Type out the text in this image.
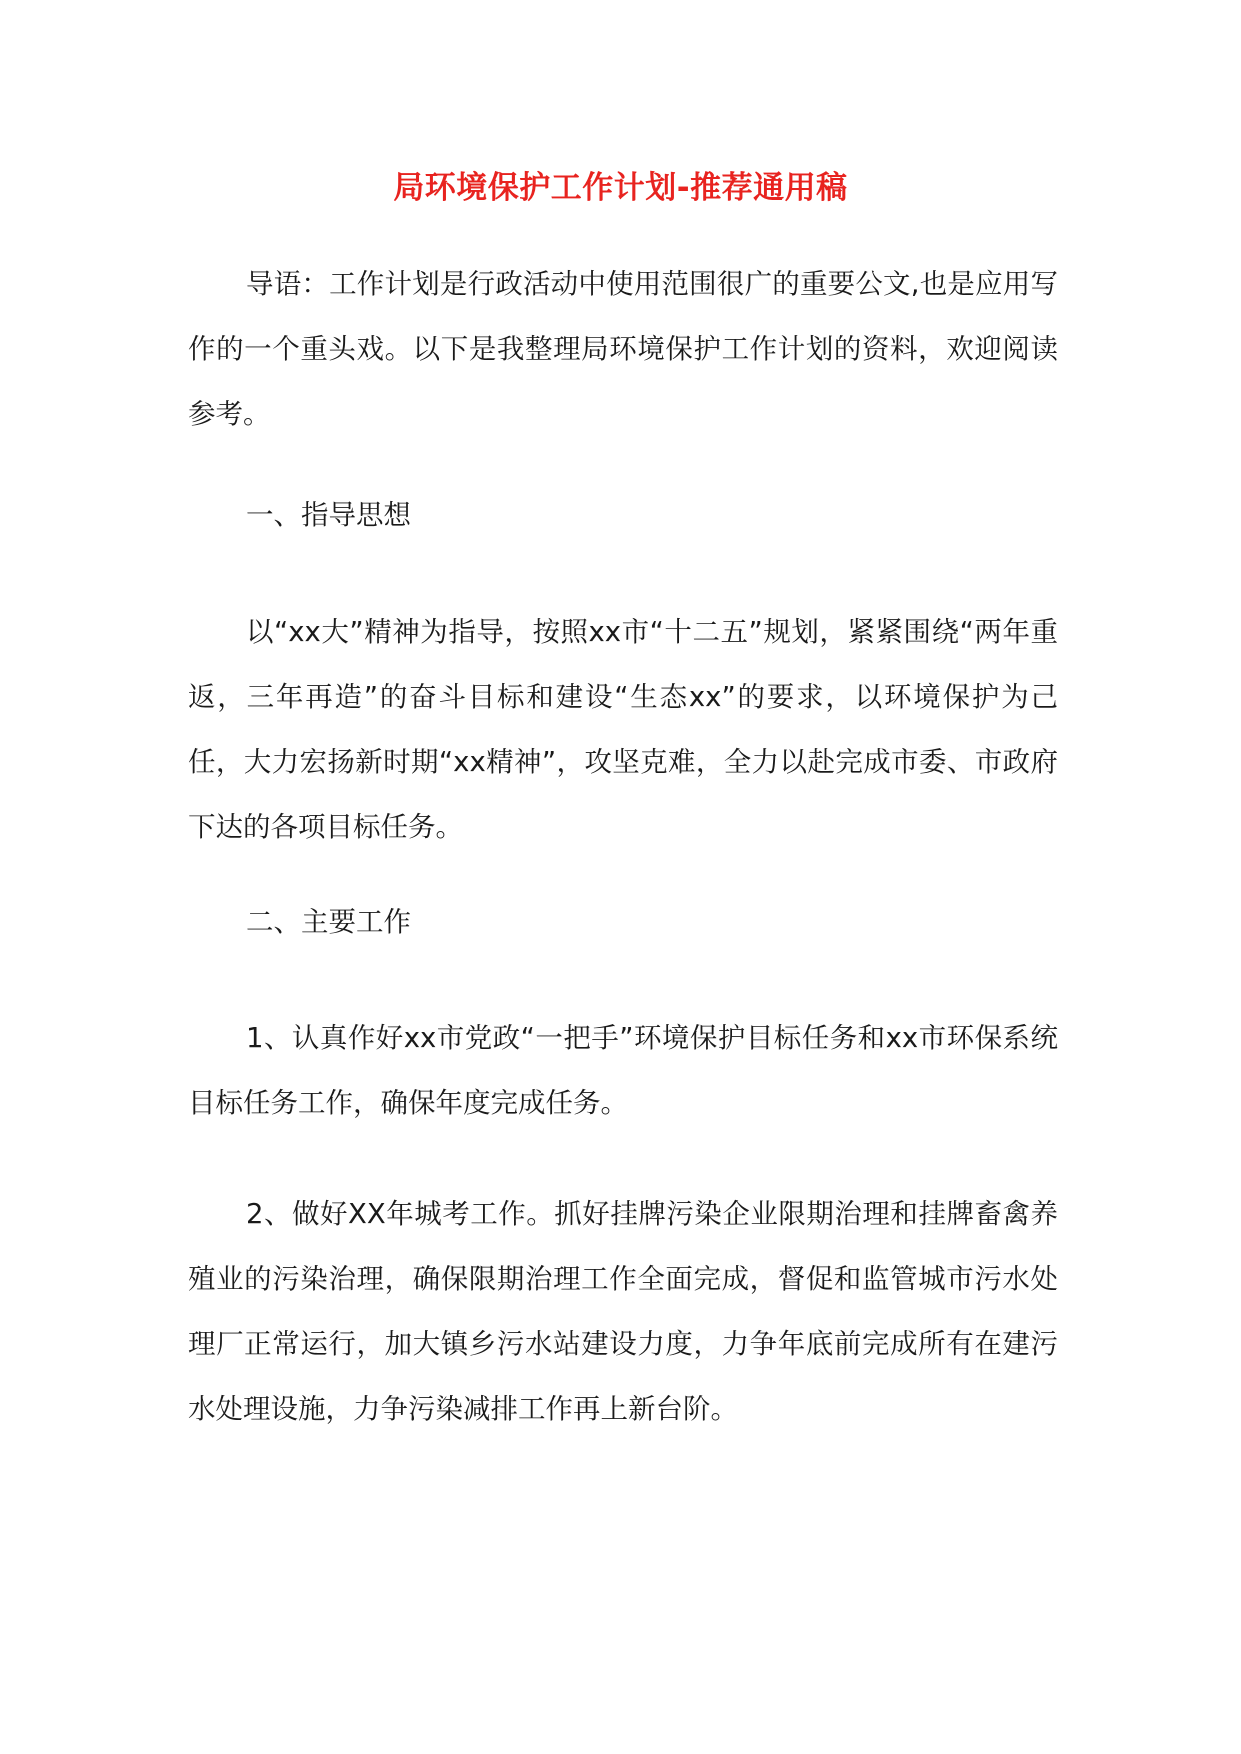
局环境保护工作计划-推荐通用稿

导语：工作计划是行政活动中使用范围很广的重要公文,也是应用写作的一个重头戏。以下是我整理局环境保护工作计划的资料，欢迎阅读参考。

一、指导思想

以“xx大”精神为指导，按照xx市“十二五”规划，紧紧围绕“两年重返，三年再造”的奋斗目标和建设“生态xx”的要求，以环境保护为己任，大力宏扬新时期“xx精神”，攻坚克难，全力以赴完成市委、市政府下达的各项目标任务。

二、主要工作

1、认真作好xx市党政“一把手”环境保护目标任务和xx市环保系统目标任务工作，确保年度完成任务。

2、做好XX年城考工作。抓好挂牌污染企业限期治理和挂牌畜禽养殖业的污染治理，确保限期治理工作全面完成，督促和监管城市污水处理厂正常运行，加大镇乡污水站建设力度，力争年底前完成所有在建污水处理设施，力争污染减排工作再上新台阶。
